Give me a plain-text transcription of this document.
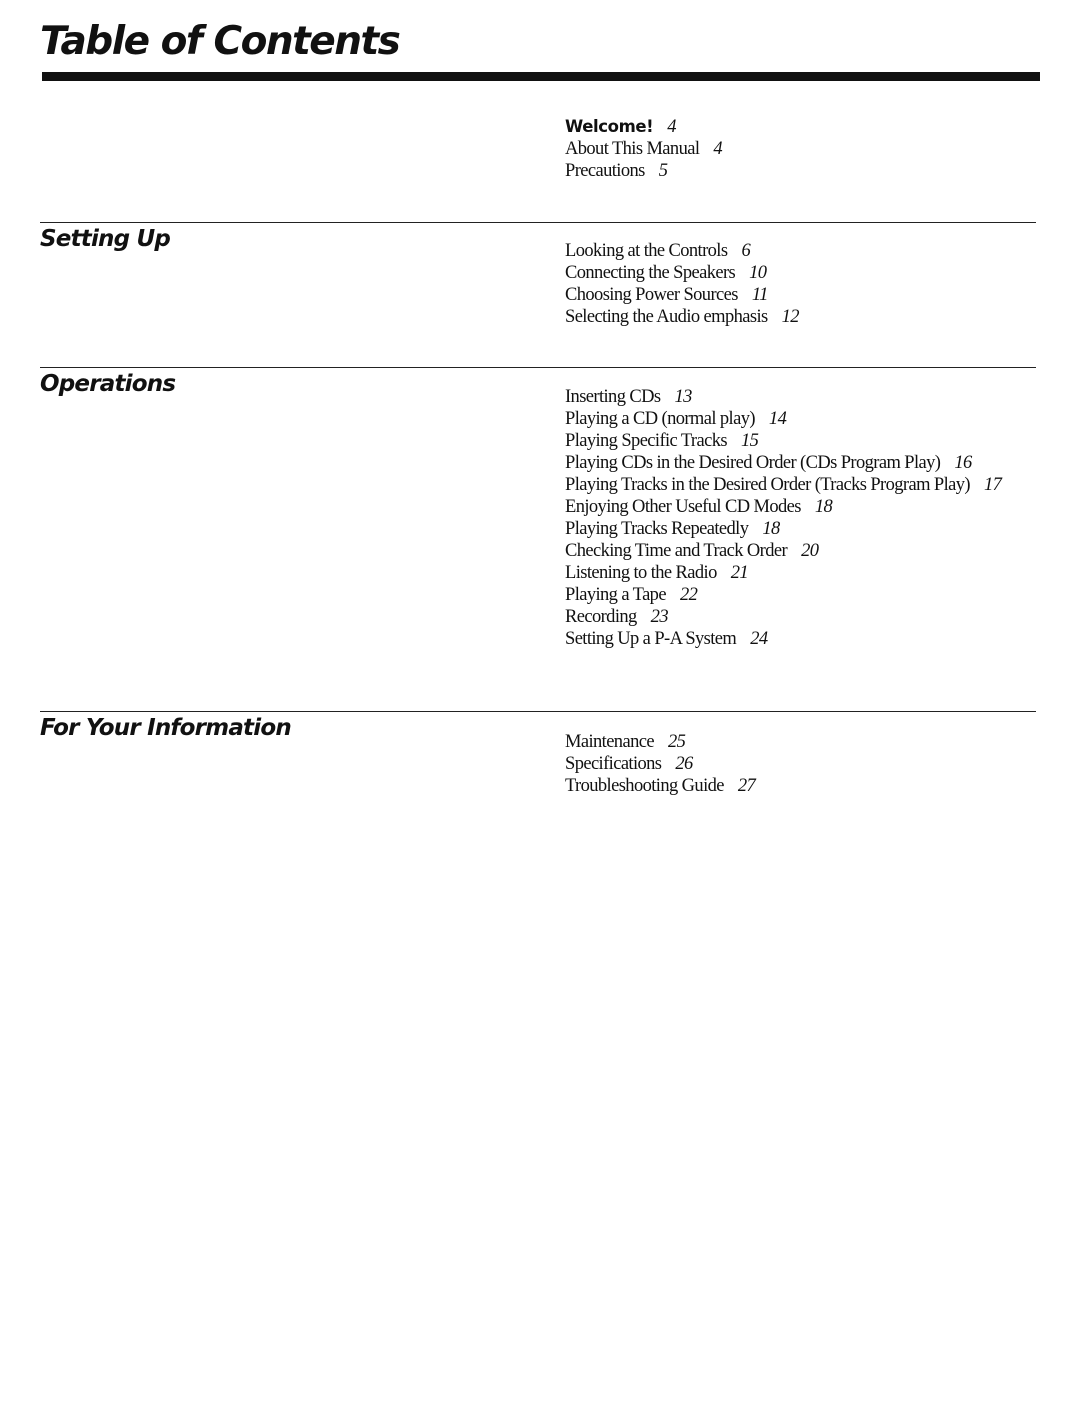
Table of Contents
Welcome! 4
About This Manual 4
Precautions 5
Setting Up	Looking at the Controls 6
Connecting the Speakers 10
Choosing Power Sources 11
Selecting the Audio emphasis 12
Operations	Inserting CDs 13
Playing a CD (normal play) 14
Playing Specific Tracks 15
Playing CDs in the Desired Order (CDs Program Play) 16
Playing Tracks in the Desired Order (Tracks Program Play) 17
Enjoying Other Useful CD Modes 18
Playing Tracks Repeatedly 18
Checking Time and Track Order 20
Listening to the Radio 21
Playing a Tape 22
Recording 23
Setting Up a P-A System 24
For Your Information
Maintenance 25
Specifications 26
Troubleshooting Guide 27
